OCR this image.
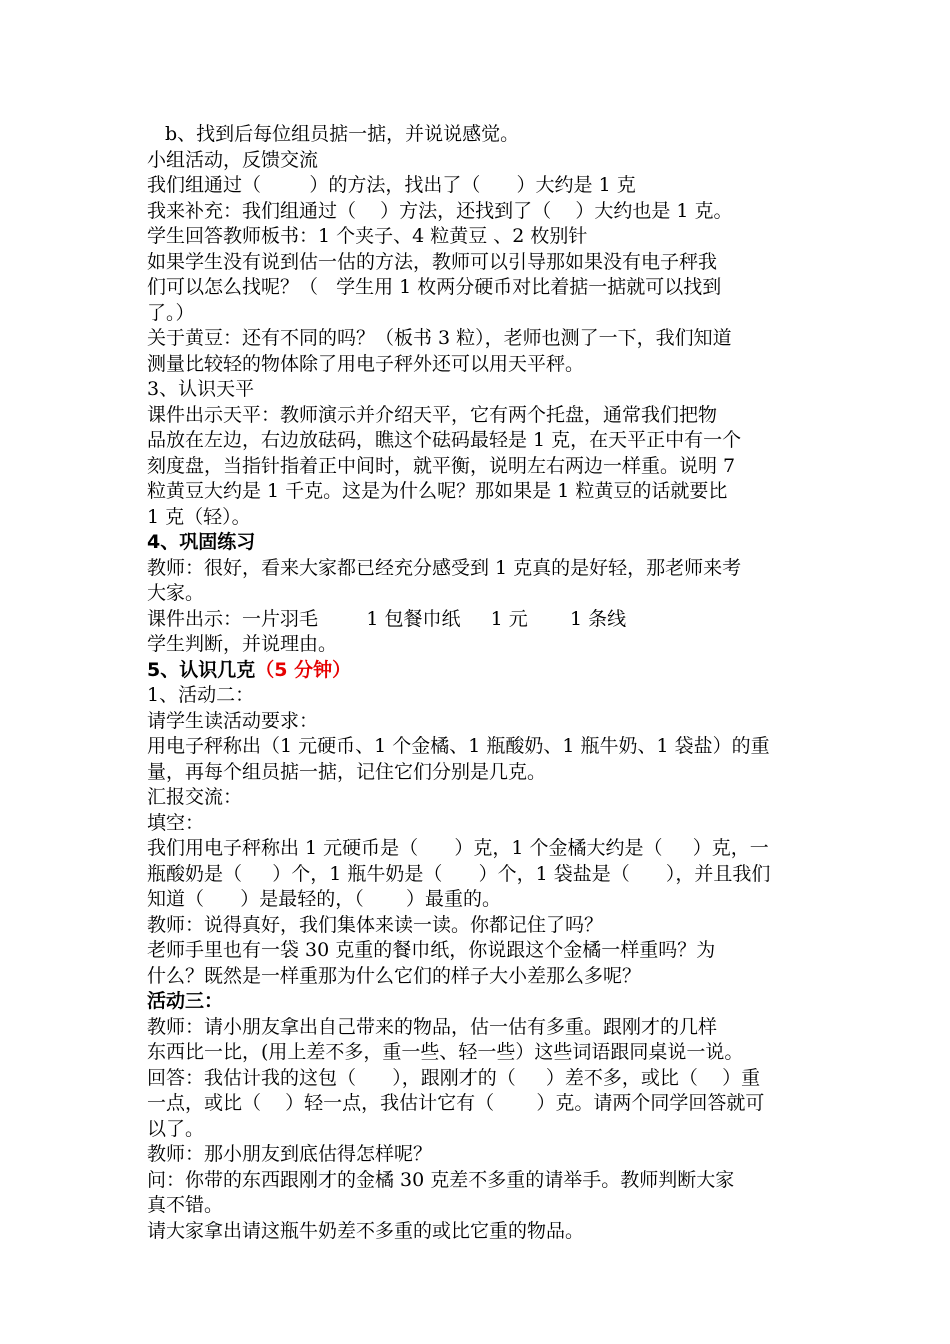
b、找到后每位组员掂一掂，并说说感觉。
小组活动，反馈交流
我们组通过（        ）的方法，找出了（      ）大约是 1 克
我来补充：我们组通过（    ）方法，还找到了（    ）大约也是 1 克。
学生回答教师板书：1 个夹子、4 粒黄豆 、2 枚别针
如果学生没有说到估一估的方法，教师可以引导那如果没有电子秤我
们可以怎么找呢？（   学生用 1 枚两分硬币对比着掂一掂就可以找到
了。）
关于黄豆：还有不同的吗？（板书 3 粒），老师也测了一下，我们知道
测量比较轻的物体除了用电子秤外还可以用天平秤。
3、认识天平
课件出示天平：教师演示并介绍天平，它有两个托盘，通常我们把物
品放在左边，右边放砝码，瞧这个砝码最轻是 1 克，在天平正中有一个
刻度盘，当指针指着正中间时，就平衡，说明左右两边一样重。说明 7
粒黄豆大约是 1 千克。这是为什么呢？那如果是 1 粒黄豆的话就要比
1 克（轻）。
4、巩固练习
教师：很好，看来大家都已经充分感受到 1 克真的是好轻，那老师来考
大家。
课件出示：一片羽毛        1 包餐巾纸     1 元       1 条线
学生判断，并说理由。
5、认识几克（5 分钟）
1、活动二：
请学生读活动要求：
用电子秤称出（1 元硬币、1 个金橘、1 瓶酸奶、1 瓶牛奶、1 袋盐）的重
量，再每个组员掂一掂，记住它们分别是几克。
汇报交流：
填空：
我们用电子秤称出 1 元硬币是（      ）克，1 个金橘大约是（     ）克，一
瓶酸奶是（     ）个，1 瓶牛奶是（      ）个，1 袋盐是（      ），并且我们
知道（      ）是最轻的，（       ）最重的。
教师：说得真好，我们集体来读一读。你都记住了吗？
老师手里也有一袋 30 克重的餐巾纸，你说跟这个金橘一样重吗？为
什么？既然是一样重那为什么它们的样子大小差那么多呢？
活动三：
教师：请小朋友拿出自己带来的物品，估一估有多重。跟刚才的几样
东西比一比，(用上差不多，重一些、轻一些）这些词语跟同桌说一说。
回答：我估计我的这包（      ），跟刚才的（     ）差不多，或比（    ）重
一点，或比（    ）轻一点，我估计它有（       ）克。请两个同学回答就可
以了。
教师：那小朋友到底估得怎样呢？
问：你带的东西跟刚才的金橘 30 克差不多重的请举手。教师判断大家
真不错。
请大家拿出请这瓶牛奶差不多重的或比它重的物品。
